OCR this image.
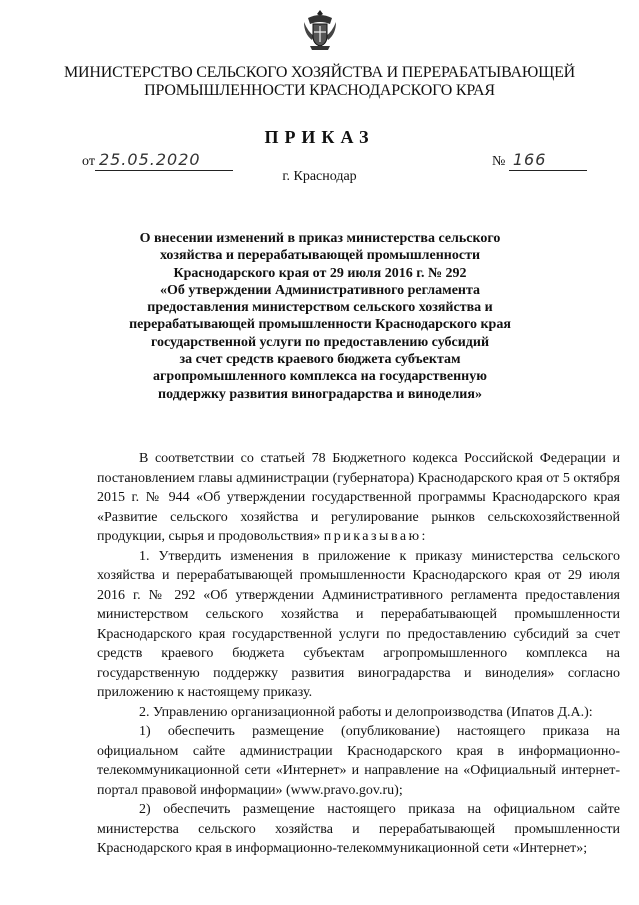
МИНИСТЕРСТВО СЕЛЬСКОГО ХОЗЯЙСТВА И ПЕРЕРАБАТЫВАЮЩЕЙ
ПРОМЫШЛЕННОСТИ КРАСНОДАРСКОГО КРАЯ
ПРИКАЗ
от 25.05.2020	№ 166
г. Краснодар
О внесении изменений в приказ министерства сельского
хозяйства и перерабатывающей промышленности
Краснодарского края от 29 июля 2016 г. № 292
«Об утверждении Административного регламента
предоставления министерством сельского хозяйства и
перерабатывающей промышленности Краснодарского края
государственной услуги по предоставлению субсидий
за счет средств краевого бюджета субъектам
агропромышленного комплекса на государственную
поддержку развития виноградарства и виноделия»

В соответствии со статьей 78 Бюджетного кодекса Российской Федерации и постановлением главы администрации (губернатора) Краснодарского края от 5 октября 2015 г. № 944 «Об утверждении государственной программы Краснодарского края «Развитие сельского хозяйства и регулирование рынков сельскохозяйственной продукции, сырья и продовольствия» приказываю:

1. Утвердить изменения в приложение к приказу министерства сельского хозяйства и перерабатывающей промышленности Краснодарского края от 29 июля 2016 г. № 292 «Об утверждении Административного регламента предоставления министерством сельского хозяйства и перерабатывающей промышленности Краснодарского края государственной услуги по предоставлению субсидий за счет средств краевого бюджета субъектам агропромышленного комплекса на государственную поддержку развития виноградарства и виноделия» согласно приложению к настоящему приказу.

2. Управлению организационной работы и делопроизводства (Ипатов Д.А.):

1) обеспечить размещение (опубликование) настоящего приказа на официальном сайте администрации Краснодарского края в информационно-телекоммуникационной сети «Интернет» и направление на «Официальный интернет-портал правовой информации» (www.pravo.gov.ru);

2) обеспечить размещение настоящего приказа на официальном сайте министерства сельского хозяйства и перерабатывающей промышленности Краснодарского края в информационно-телекоммуникационной сети «Интернет»;
